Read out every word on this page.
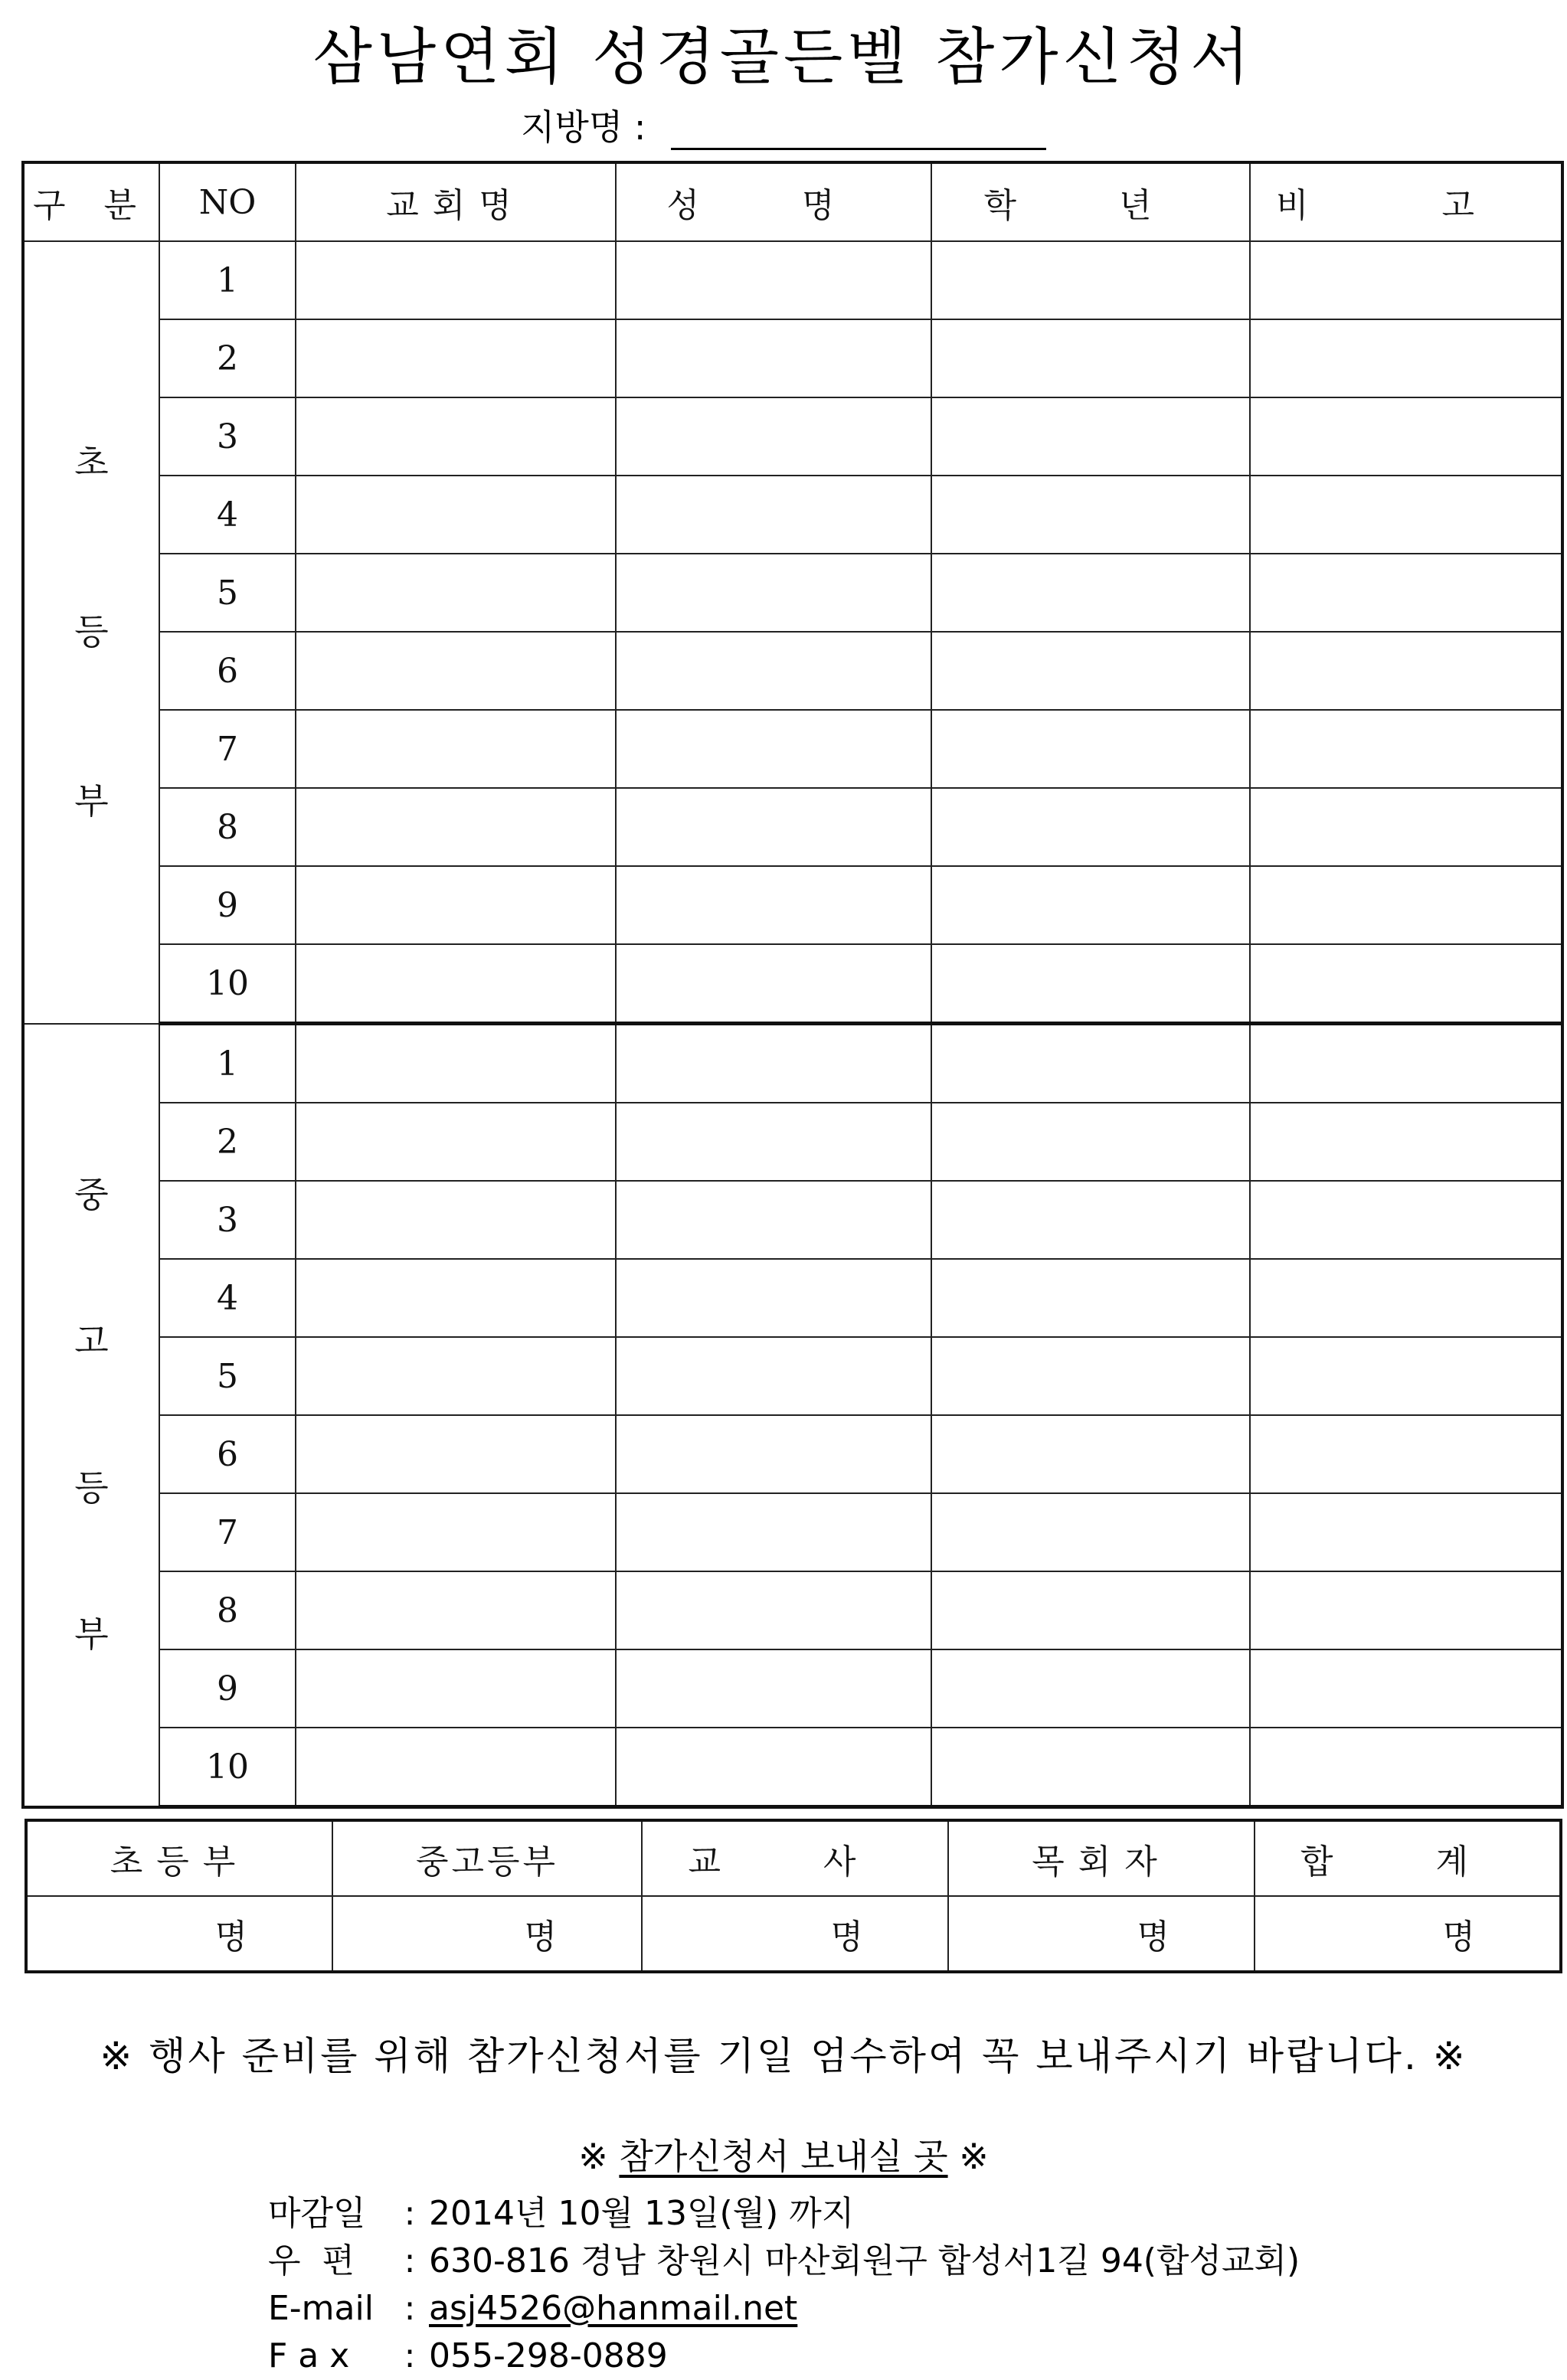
삼남연회 성경골든벨 참가신청서
지방명 :
구 분	NO	교회명	성 명	학 년	비 고

초
등
부	1				
	2				
	3				
	4				
	5				
	6				
	7				
	8				
	9				
	10				

중
고
등
부	1				
	2				
	3				
	4				
	5				
	6				
	7				
	8				
	9				
	10				
초등부	중고등부	교 사	목회자	합 계
명	명	명	명	명
※ 행사 준비를 위해 참가신청서를 기일 엄수하여 꼭 보내주시기 바랍니다. ※
※ 참가신청서 보내실 곳 ※
마감일 : 2014년 10월 13일(월) 까지
우  편 : 630-816 경남 창원시 마산회원구 합성서1길 94(합성교회)
E-mail : asj4526@hanmail.net
F a x : 055-298-0889
